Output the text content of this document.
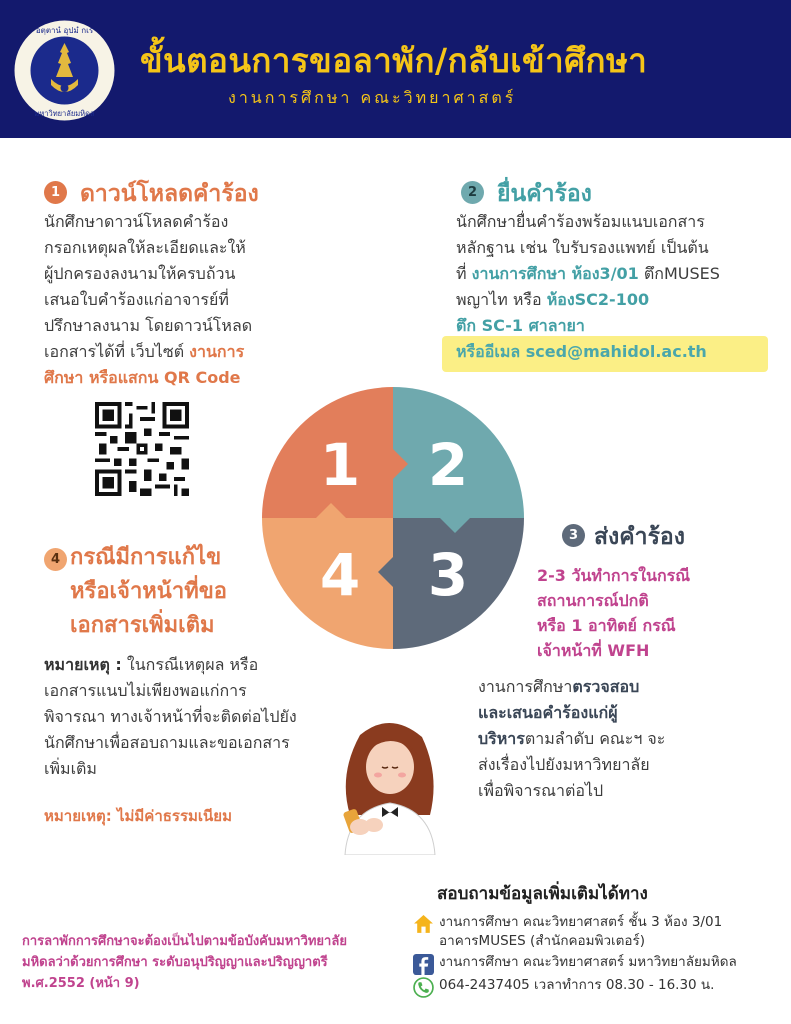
อตฺตานํ อุปมํ กเร
มหาวิทยาลัยมหิดล
ขั้นตอนการขอลาพัก/กลับเข้าศึกษา
งานการศึกษา คณะวิทยาศาสตร์
1 ดาวน์โหลดคำร้อง
นักศึกษาดาวน์โหลดคำร้อง
กรอกเหตุผลให้ละเอียดและให้
ผู้ปกครองลงนามให้ครบถ้วน
เสนอใบคำร้องแก่อาจารย์ที่
ปรึกษาลงนาม โดยดาวน์โหลด
เอกสารได้ที่ เว็บไซต์ งานการ
ศึกษา หรือแสกน QR Code
2 ยื่นคำร้อง
นักศึกษายื่นคำร้องพร้อมแนบเอกสาร
หลักฐาน เช่น ใบรับรองแพทย์ เป็นต้น
ที่ งานการศึกษา ห้อง3/01 ตึกMUSES
พญาไท หรือ ห้องSC2-100
ตึก SC-1 ศาลายา
หรืออีเมล sced@mahidol.ac.th
1 2
3
4
3 ส่งคำร้อง
2-3 วันทำการในกรณี
สถานการณ์ปกติ
หรือ 1 อาทิตย์ กรณี
เจ้าหน้าที่ WFH
งานการศึกษาตรวจสอบ
และเสนอคำร้องแก่ผู้
บริหารตามลำดับ คณะฯ จะ
ส่งเรื่องไปยังมหาวิทยาลัย
เพื่อพิจารณาต่อไป
4 กรณีมีการแก้ไข
หรือเจ้าหน้าที่ขอ
เอกสารเพิ่มเติม
หมายเหตุ : ในกรณีเหตุผล หรือ
เอกสารแนบไม่เพียงพอแก่การ
พิจารณา ทางเจ้าหน้าที่จะติดต่อไปยัง
นักศึกษาเพื่อสอบถามและขอเอกสาร
เพิ่มเติม
หมายเหตุ: ไม่มีค่าธรรมเนียม
สอบถามข้อมูลเพิ่มเติมได้ทาง
งานการศึกษา คณะวิทยาศาสตร์ ชั้น 3 ห้อง 3/01
อาคารMUSES (สำนักคอมพิวเตอร์)
งานการศึกษา คณะวิทยาศาสตร์ มหาวิทยาลัยมหิดล
064-2437405 เวลาทำการ 08.30 - 16.30 น.
การลาพักการศึกษาจะต้องเป็นไปตามข้อบังคับมหาวิทยาลัย
มหิดลว่าด้วยการศึกษา ระดับอนุปริญญาและปริญญาตรี
พ.ศ.2552 (หน้า 9)
